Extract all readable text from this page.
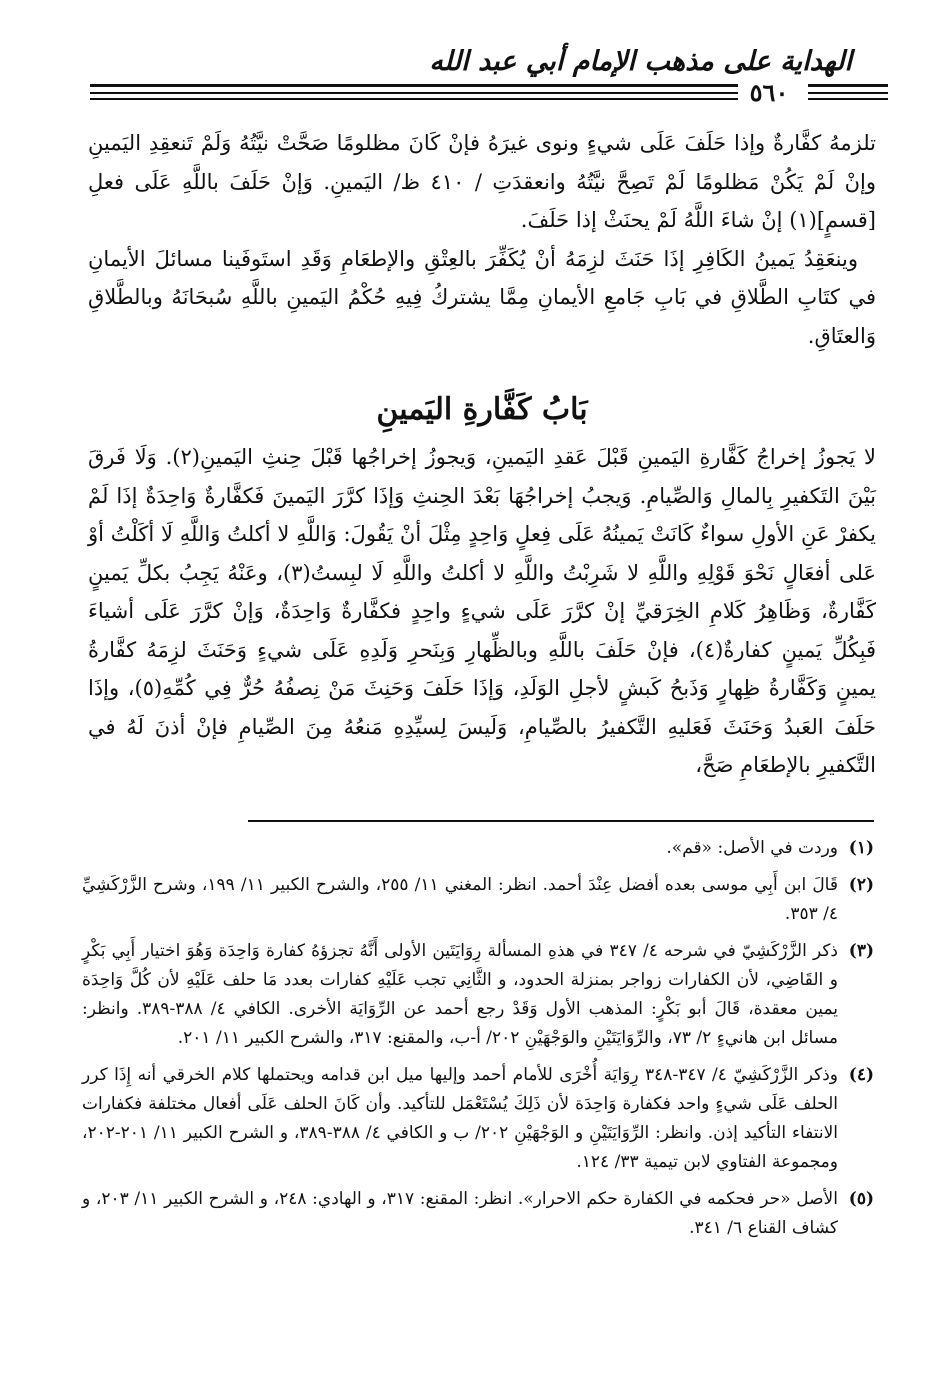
الهداية على مذهب الإمام أبي عبد الله
٥٦٠

تلزمهُ كفَّارةٌ وإذا حَلَفَ عَلَى شيءٍ ونوى غيرَهُ فإنْ كَانَ مظلومًا صَحَّتْ نيَّتُهُ وَلَمْ تَنعقِدِ اليَمينِ وإنْ لَمْ يَكُنْ مَظلومًا لَمْ تَصِحَّ نيَّتُهُ وانعقدَتِ / ٤١٠ ظ/ اليَمينِ. وَإنْ حَلَفَ باللَّهِ عَلَى فعلِ [قسمٍ](١) إنْ شاءَ اللَّهُ لَمْ يحنَثْ إذا حَلَفَ.

وينعَقِدُ يَمينُ الكَافِرِ إذَا حَنَثَ لزِمَهُ أنْ يُكَفِّرَ بالعِتْقِ والإطعَامِ وَقَدِ استَوفَينا مسائلَ الأيمانِ في كتَابِ الطَّلاقِ في بَابِ جَامعِ الأيمانِ مِمَّا يشتركُ فِيهِ حُكْمُ اليَمينِ باللَّهِ سُبحَانَهُ وبالطَّلاقِ وَالعتَاقِ.

بَابُ كَفَّارةِ اليَمينِ

لا يَجوزُ إخراجُ كَفَّارةِ اليَمينِ قَبْلَ عَقدِ اليَمينِ، وَيجوزُ إخراجُها قَبْلَ حِنثِ اليَمينِ(٢). وَلَا فَرقَ بَيْنَ التَكفيرِ بِالمالِ وَالصِّيامِ. وَيجبُ إخراجُهَا بَعْدَ الحِنثِ وَإذَا كرَّرَ اليَمينَ فَكفَّارةٌ وَاحِدَةٌ إذَا لَمْ يكفرْ عَنِ الأولِ سواءٌ كَانَتْ يَمينُهُ عَلَى فِعلٍ وَاحِدٍ مِثْلَ أنْ يَقُولَ: وَاللَّهِ لا أكلتُ وَاللَّهِ لَا أكَلْتُ أوْ عَلى أفعَالٍ نَحْوَ قَوْلِهِ واللَّهِ لا شَرِبْتُ واللَّهِ لا أكلتُ واللَّهِ لَا لبِستُ(٣)، وعَنْهُ يَجِبُ بكلِّ يَمينٍ كَفَّارةٌ، وَظَاهِرُ كَلامِ الخِرَقيِّ إنْ كرَّرَ عَلَى شيءٍ واحِدٍ فكفَّارةٌ وَاحِدَةٌ، وَإنْ كرَّرَ عَلَى أشياءَ فَبِكُلِّ يَمينٍ كفارةٌ(٤)، فإنْ حَلَفَ باللَّهِ وبالظِّهارِ وَبِنَحرِ وَلَدِهِ عَلَى شيءٍ وَحَنَثَ لزِمَهُ كفَّارةُ يمينٍ وَكَفَّارةُ ظِهارٍ وَذَبحُ كَبشٍ لأجلِ الوَلَدِ، وَإذَا حَلَفَ وَحَنِثَ مَنْ نِصفُهُ حُرٌّ فِي كُمِّهِ(٥)، وإذَا حَلَفَ العَبدُ وَحَنَثَ فَعَليهِ التَّكفيرُ بالصِّيامِ، وَلَيسَ لِسيِّدِهِ مَنعُهُ مِنَ الصِّيامِ فإنْ أذنَ لَهُ في التَّكفيرِ بالإطعَامِ صَحَّ،

(١)
وردت في الأصل: «قم».
(٢)
قَالَ ابن أَبِي موسى بعده أفضل عِنْدَ أحمد. انظر: المغني ١١/ ٢٥٥، والشرح الكبير ١١/ ١٩٩، وشرح الزَّرْكَشِيِّ ٤/ ٣٥٣.
(٣)
ذكر الزَّرْكَشِيّ في شرحه ٤/ ٣٤٧ في هذهِ المسألة رِوَايَتَين الأولى أَنَّهُ تجزؤهُ كفارة وَاحِدَة وَهُوَ اختيار أَبِي بَكْرٍ و القَاضِي، لأن الكفارات زواجر بمنزلة الحدود، و الثَّانِي تجب عَلَيْهِ كفارات بعدد مَا حلف عَلَيْهِ لأن كُلَّ وَاحِدَة يمين معقدة، قَالَ أبو بَكْرٍ: المذهب الأول وَقَدْ رجع أحمد عن الرِّوَايَة الأخرى. الكافي ٤/ ٣٨٨-٣٨٩. وانظر: مسائل ابن هانيءٍ ٢/ ٧٣، والرِّوَايَتَيْنِ والوَجْهَيْنِ ٢٠٢/ أ-ب، والمقنع: ٣١٧، والشرح الكبير ١١/ ٢٠١.
(٤)
وذكر الزَّرْكَشِيّ ٤/ ٣٤٧-٣٤٨ رِوَايَة أُخْرَى للأمام أحمد وإليها ميل ابن قدامه ويحتملها كلام الخرقي أنه إِذَا كرر الحلف عَلَى شيءٍ واحد فكفارة وَاحِدَة لأن ذَلِكَ يُسْتَعْمَل للتأكيد. وأن كَانَ الحلف عَلَى أفعال مختلفة فكفارات الانتفاء التأكيد إذن. وانظر: الرِّوَايَتَيْنِ و الوَجْهَيْنِ ٢٠٢/ ب و الكافي ٤/ ٣٨٨-٣٨٩، و الشرح الكبير ١١/ ٢٠١-٢٠٢، ومجموعة الفتاوي لابن تيمية ٣٣/ ١٢٤.
(٥)
الأصل «حر فحكمه في الكفارة حكم الاحرار». انظر: المقنع: ٣١٧، و الهادي: ٢٤٨، و الشرح الكبير ١١/ ٢٠٣، و كشاف القناع ٦/ ٣٤١.
